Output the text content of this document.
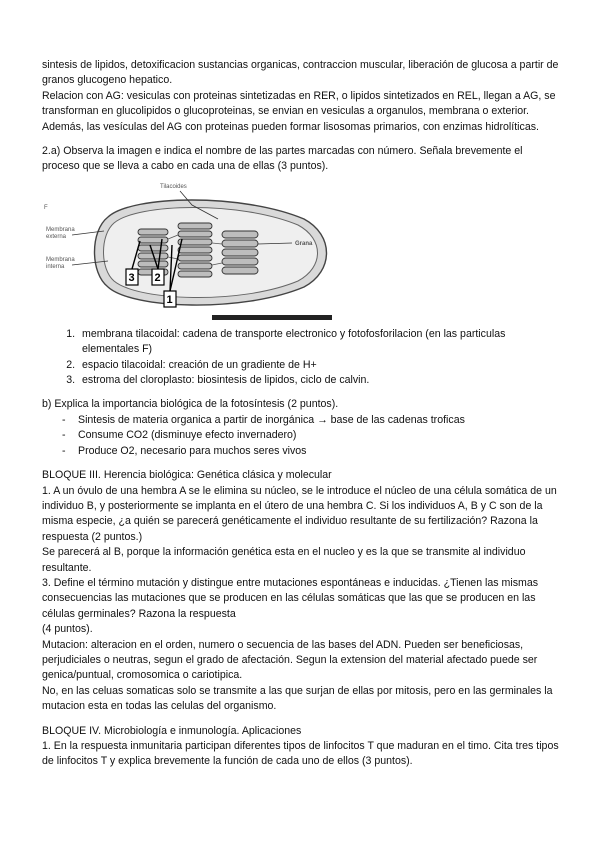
sintesis de lipidos, detoxificacion sustancias organicas, contraccion muscular, liberación de glucosa a partir de granos glucogeno hepatico.

Relacion con AG: vesiculas con proteinas sintetizadas en RER, o lipidos sintetizados en REL, llegan a AG, se transforman en glucolipidos o glucoproteinas, se envian en vesiculas a organulos, membrana o exterior. Además, las vesículas del AG con proteinas pueden formar lisosomas primarios, con enzimas hidrolíticas.

2.a) Observa la imagen e indica el nombre de las partes marcadas con número. Señala brevemente el proceso que se lleva a cabo en cada una de ellas (3 puntos).

Tilacoides
Grana
Membrana
externa
Membrana
interna
F
3 2
1
1. membrana tilacoidal: cadena de transporte electronico y fotofosforilacion (en las particulas elementales F)
2. espacio tilacoidal: creación de un gradiente de H+
3. estroma del cloroplasto: biosintesis de lipidos, ciclo de calvin.

b) Explica la importancia biológica de la fotosíntesis (2 puntos).

- Sintesis de materia organica a partir de inorgánica → base de las cadenas troficas
- Consume CO2 (disminuye efecto invernadero)
- Produce O2, necesario para muchos seres vivos

BLOQUE III. Herencia biológica: Genética clásica y molecular

1. A un óvulo de una hembra A se le elimina su núcleo, se le introduce el núcleo de una célula somática de un individuo B, y posteriormente se implanta en el útero de una hembra C. Si los individuos A, B y C son de la misma especie, ¿a quién se parecerá genéticamente el individuo resultante de su fertilización? Razona la respuesta (2 puntos.)

Se parecerá al B, porque la información genética esta en el nucleo y es la que se transmite al individuo resultante.

3. Define el término mutación y distingue entre mutaciones espontáneas e inducidas. ¿Tienen las mismas consecuencias las mutaciones que se producen en las células somáticas que las que se producen en las células germinales? Razona la respuesta

(4 puntos).

Mutacion: alteracion en el orden, numero o secuencia de las bases del ADN. Pueden ser beneficiosas, perjudiciales o neutras, segun el grado de afectación. Segun la extension del material afectado puede ser genica/puntual, cromosomica o cariotipica.

No, en las celuas somaticas solo se transmite a las que surjan de ellas por mitosis, pero en las germinales la mutacion esta en todas las celulas del organismo.

BLOQUE IV. Microbiología e inmunología. Aplicaciones

1. En la respuesta inmunitaria participan diferentes tipos de linfocitos T que maduran en el timo. Cita tres tipos de linfocitos T y explica brevemente la función de cada uno de ellos (3 puntos).
